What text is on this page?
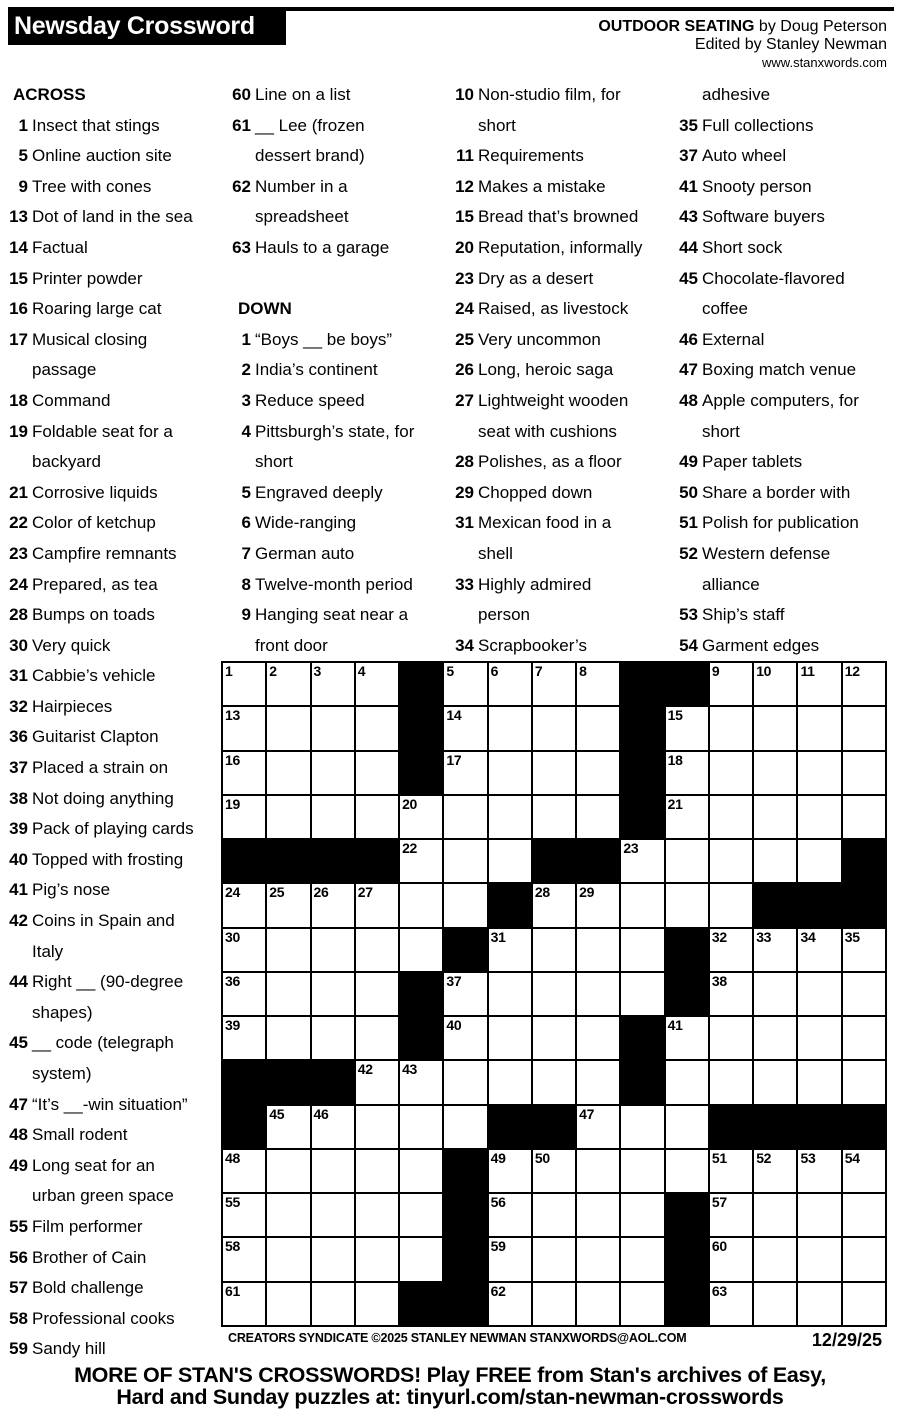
Newsday Crossword	OUTDOOR SEATING by Doug Peterson
Edited by Stanley Newman
www.stanxwords.com
ACROSS
1 Insect that stings
5 Online auction site
9 Tree with cones
13 Dot of land in the sea
14 Factual
15 Printer powder
16 Roaring large cat
17 Musical closing
passage
18 Command
19 Foldable seat for a
backyard
21 Corrosive liquids
22 Color of ketchup
23 Campfire remnants
24 Prepared, as tea
28 Bumps on toads
30 Very quick
31 Cabbie’s vehicle
32 Hairpieces
36 Guitarist Clapton
37 Placed a strain on
38 Not doing anything
39 Pack of playing cards
40 Topped with frosting
41 Pig’s nose
42 Coins in Spain and
Italy
44 Right __ (90-degree
shapes)
45 __ code (telegraph
system)
47 “It’s __-win situation”
48 Small rodent
49 Long seat for an
urban green space
55 Film performer
56 Brother of Cain
57 Bold challenge
58 Professional cooks
59 Sandy hill
60 Line on a list
61 __ Lee (frozen
dessert brand)
62 Number in a
spreadsheet
63 Hauls to a garage
DOWN
1 “Boys __ be boys”
2 India’s continent
3 Reduce speed
4 Pittsburgh’s state, for
short
5 Engraved deeply
6 Wide-ranging
7 German auto
8 Twelve-month period
9 Hanging seat near a
front door
10 Non-studio film, for
short
11 Requirements
12 Makes a mistake
15 Bread that’s browned
20 Reputation, informally
23 Dry as a desert
24 Raised, as livestock
25 Very uncommon
26 Long, heroic saga
27 Lightweight wooden
seat with cushions
28 Polishes, as a floor
29 Chopped down
31 Mexican food in a
shell
33 Highly admired
person
34 Scrapbooker’s
adhesive
35 Full collections
37 Auto wheel
41 Snooty person
43 Software buyers
44 Short sock
45 Chocolate-flavored
coffee
46 External
47 Boxing match venue
48 Apple computers, for
short
49 Paper tablets
50 Share a border with
51 Polish for publication
52 Western defense
alliance
53 Ship’s staff
54 Garment edges
1	2	3	4	5	6	7	8	9	10 11 12
13	14	15
16	17	18
19	20	21
22	23
24 25 26 27	28 29
30	31	32 33 34 35
36	37	38
39	40	41
42 43
45 46	47
48	49 50	51 52 53 54
55	56	57
58	59	60
61	62	63
CREATORS SYNDICATE ©2025 STANLEY NEWMAN STANXWORDS@AOL.COM	12/29/25
MORE OF STAN'S CROSSWORDS! Play FREE from Stan's archives of Easy,
Hard and Sunday puzzles at: tinyurl.com/stan-newman-crosswords
